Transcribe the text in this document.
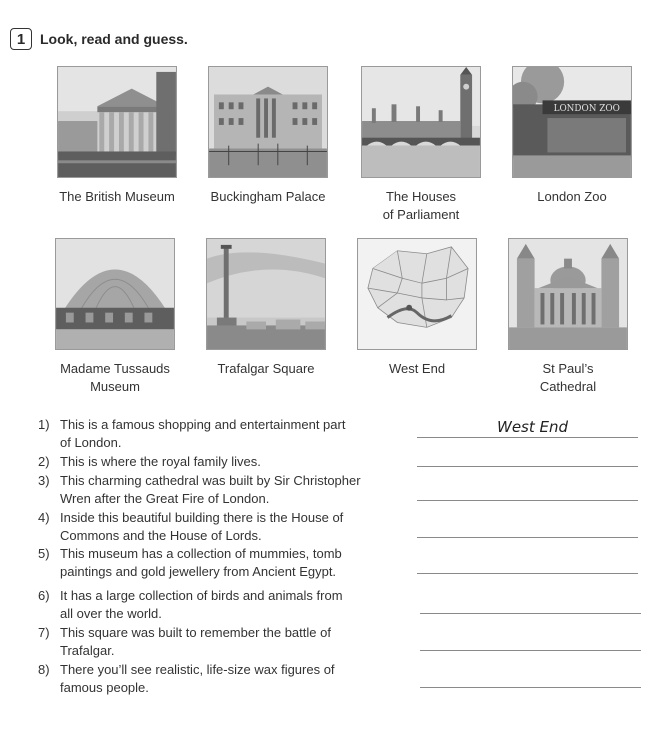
1	Look, read and guess.
LONDON ZOO
The British Museum	Buckingham Palace	The Houses
of Parliament
London Zoo
Madame Tussauds
Museum
Trafalgar Square	West End	St Paul’s
Cathedral
1) This is a famous shopping and entertainment part
of London.
2) This is where the royal family lives.
3) This charming cathedral was built by Sir Christopher
Wren after the Great Fire of London.
4) Inside this beautiful building there is the House of
Commons and the House of Lords.
5) This museum has a collection of mummies, tomb
paintings and gold jewellery from Ancient Egypt.
6) It has a large collection of birds and animals from
all over the world.
7) This square was built to remember the battle of
Trafalgar.
8) There you’ll see realistic, life-size wax figures of
famous people.
West End
